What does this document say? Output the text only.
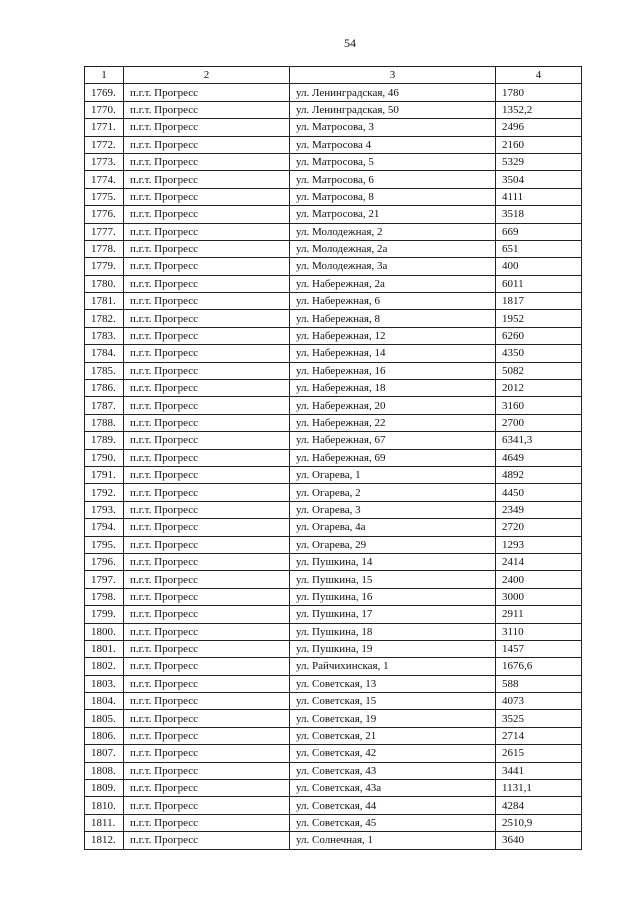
54
1	2	3	4
1769.	п.г.т. Прогресс	ул. Ленинградская, 46	1780
1770.	п.г.т. Прогресс	ул. Ленинградская, 50	1352,2
1771.	п.г.т. Прогресс	ул. Матросова, 3	2496
1772.	п.г.т. Прогресс	ул. Матросова 4	2160
1773.	п.г.т. Прогресс	ул. Матросова, 5	5329
1774.	п.г.т. Прогресс	ул. Матросова, 6	3504
1775.	п.г.т. Прогресс	ул. Матросова, 8	4111
1776.	п.г.т. Прогресс	ул. Матросова, 21	3518
1777.	п.г.т. Прогресс	ул. Молодежная, 2	669
1778.	п.г.т. Прогресс	ул. Молодежная, 2а	651
1779.	п.г.т. Прогресс	ул. Молодежная, 3а	400
1780.	п.г.т. Прогресс	ул. Набережная, 2а	6011
1781.	п.г.т. Прогресс	ул. Набережная, 6	1817
1782.	п.г.т. Прогресс	ул. Набережная, 8	1952
1783.	п.г.т. Прогресс	ул. Набережная, 12	6260
1784.	п.г.т. Прогресс	ул. Набережная, 14	4350
1785.	п.г.т. Прогресс	ул. Набережная, 16	5082
1786.	п.г.т. Прогресс	ул. Набережная, 18	2012
1787.	п.г.т. Прогресс	ул. Набережная, 20	3160
1788.	п.г.т. Прогресс	ул. Набережная, 22	2700
1789.	п.г.т. Прогресс	ул. Набережная, 67	6341,3
1790.	п.г.т. Прогресс	ул. Набережная, 69	4649
1791.	п.г.т. Прогресс	ул. Огарева, 1	4892
1792.	п.г.т. Прогресс	ул. Огарева, 2	4450
1793.	п.г.т. Прогресс	ул. Огарева, 3	2349
1794.	п.г.т. Прогресс	ул. Огарева, 4а	2720
1795.	п.г.т. Прогресс	ул. Огарева, 29	1293
1796.	п.г.т. Прогресс	ул. Пушкина, 14	2414
1797.	п.г.т. Прогресс	ул. Пушкина, 15	2400
1798.	п.г.т. Прогресс	ул. Пушкина, 16	3000
1799.	п.г.т. Прогресс	ул. Пушкина, 17	2911
1800.	п.г.т. Прогресс	ул. Пушкина, 18	3110
1801.	п.г.т. Прогресс	ул. Пушкина, 19	1457
1802.	п.г.т. Прогресс	ул. Райчихинская, 1	1676,6
1803.	п.г.т. Прогресс	ул. Советская, 13	588
1804.	п.г.т. Прогресс	ул. Советская, 15	4073
1805.	п.г.т. Прогресс	ул. Советская, 19	3525
1806.	п.г.т. Прогресс	ул. Советская, 21	2714
1807.	п.г.т. Прогресс	ул. Советская, 42	2615
1808.	п.г.т. Прогресс	ул. Советская, 43	3441
1809.	п.г.т. Прогресс	ул. Советская, 43а	1131,1
1810.	п.г.т. Прогресс	ул. Советская, 44	4284
1811.	п.г.т. Прогресс	ул. Советская, 45	2510,9
1812.	п.г.т. Прогресс	ул. Солнечная, 1	3640
